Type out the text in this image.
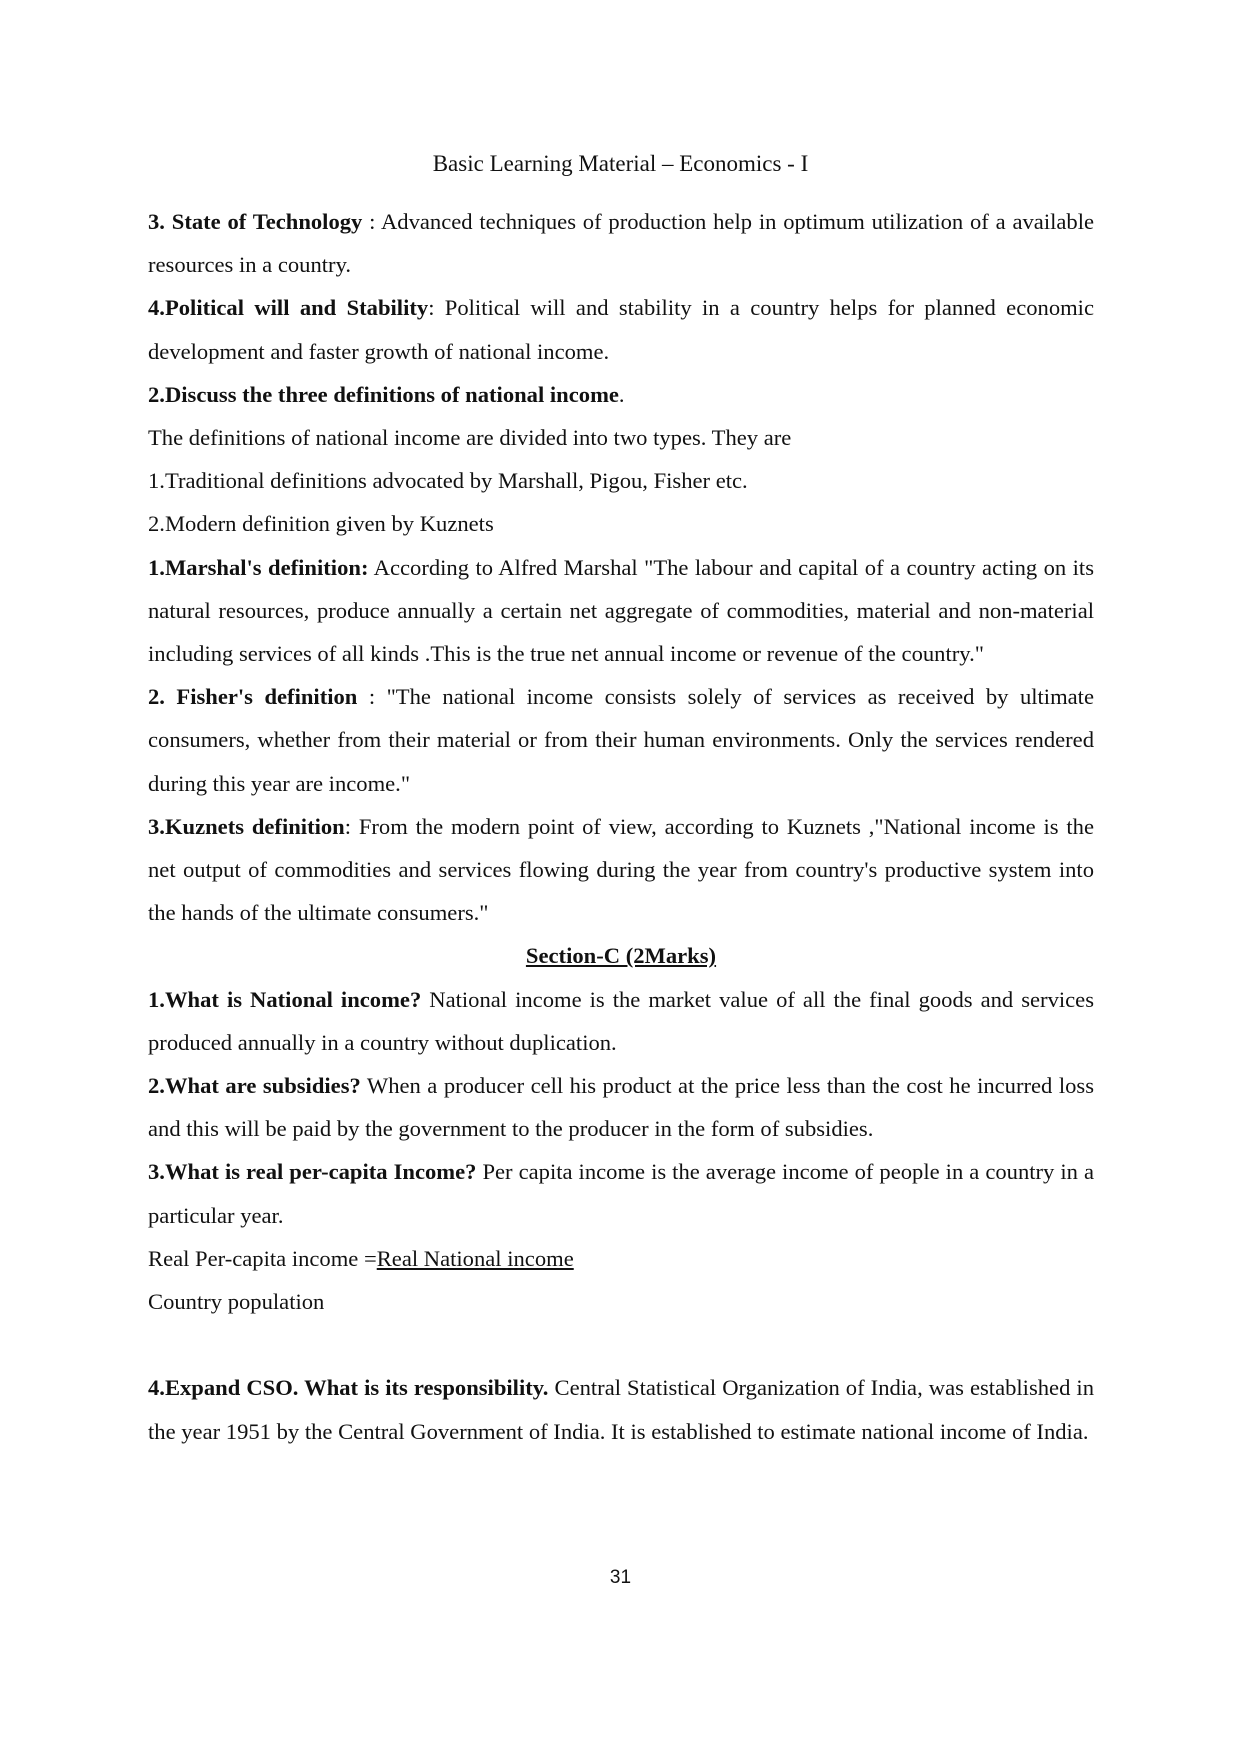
Basic Learning Material – Economics - I

3. State of Technology : Advanced techniques of production help in optimum utilization of a available resources in a country.

4.Political will and Stability: Political will and stability in a country helps for planned economic development and faster growth of national income.

2.Discuss the three definitions of national income.

The definitions of national income are divided into two types. They are

1.Traditional definitions advocated by Marshall, Pigou, Fisher etc.

2.Modern definition given by Kuznets

1.Marshal's definition: According to Alfred Marshal "The labour and capital of a country acting on its natural resources, produce annually a certain net aggregate of commodities, material and non-material including services of all kinds .This is the true net annual income or revenue of the country."

2. Fisher's definition : "The national income consists solely of services as received by ultimate consumers, whether from their material or from their human environments. Only the services rendered during this year are income."

3.Kuznets definition: From the modern point of view, according to Kuznets ,"National income is the net output of commodities and services flowing during the year from country's productive system into the hands of the ultimate consumers."

Section-C (2Marks)

1.What is National income? National income is the market value of all the final goods and services produced annually in a country without duplication.

2.What are subsidies? When a producer cell his product at the price less than the cost he incurred loss and this will be paid by the government to the producer in the form of subsidies.

3.What is real per-capita Income? Per capita income is the average income of people in a country in a particular year.

Real Per-capita income =Real National income

Country population

4.Expand CSO. What is its responsibility. Central Statistical Organization of India, was established in the year 1951 by the Central Government of India. It is established to estimate national income of India.

31
